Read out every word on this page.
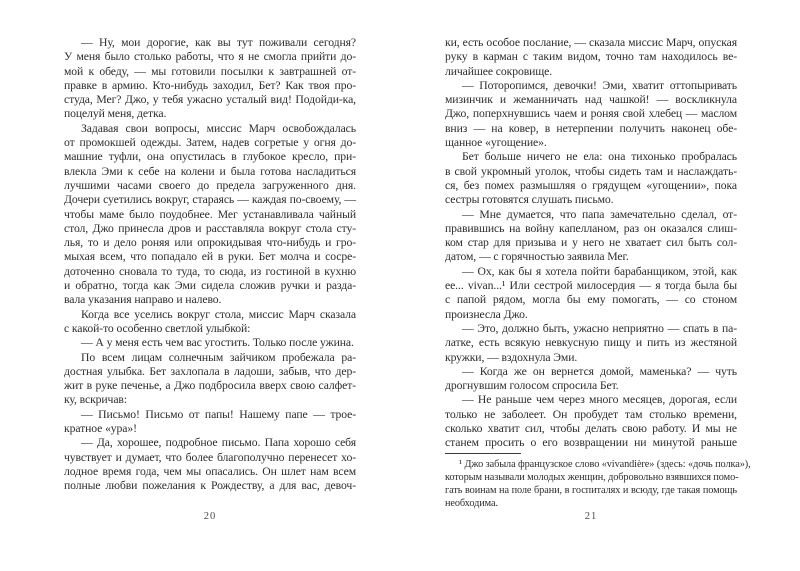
— Ну, мои дорогие, как вы тут поживали сегодня?
У меня было столько работы, что я не смогла прийти до-
мой к обеду, — мы готовили посылки к завтрашней от-
правке в армию. Кто-нибудь заходил, Бет? Как твоя про-
студа, Мег? Джо, у тебя ужасно усталый вид! Подойди-ка,
поцелуй меня, детка.
Задавая свои вопросы, миссис Марч освобождалась
от промокшей одежды. Затем, надев согретые у огня до-
машние туфли, она опустилась в глубокое кресло, при-
влекла Эми к себе на колени и была готова насладиться
лучшими часами своего до предела загруженного дня.
Дочери суетились вокруг, стараясь — каждая по-своему, —
чтобы маме было поудобнее. Мег устанавливала чайный
стол, Джо принесла дров и расставляла вокруг стола сту-
лья, то и дело роняя или опрокидывая что-нибудь и гро-
мыхая всем, что попадало ей в руки. Бет молча и сосре-
доточенно сновала то туда, то сюда, из гостиной в кухню
и обратно, тогда как Эми сидела сложив ручки и разда-
вала указания направо и налево.
Когда все уселись вокруг стола, миссис Марч сказала
с какой-то особенно светлой улыбкой:
— А у меня есть чем вас угостить. Только после ужина.
По всем лицам солнечным зайчиком пробежала ра-
достная улыбка. Бет захлопала в ладоши, забыв, что дер-
жит в руке печенье, а Джо подбросила вверх свою салфет-
ку, вскричав:
— Письмо! Письмо от папы! Нашему папе — трое-
кратное «ура»!
— Да, хорошее, подробное письмо. Папа хорошо себя
чувствует и думает, что более благополучно перенесет хо-
лодное время года, чем мы опасались. Он шлет нам всем
полные любви пожелания к Рождеству, а для вас, девоч-
ки, есть особое послание, — сказала миссис Марч, опуская
руку в карман с таким видом, точно там находилось ве-
личайшее сокровище.
— Поторопимся, девочки! Эми, хватит оттопыривать
мизинчик и жеманничать над чашкой! — воскликнула
Джо, поперхнувшись чаем и роняя свой хлебец — маслом
вниз — на ковер, в нетерпении получить наконец обе-
щанное «угощение».
Бет больше ничего не ела: она тихонько пробралась
в свой укромный уголок, чтобы сидеть там и наслаждать-
ся, без помех размышляя о грядущем «угощении», пока
сестры готовятся слушать письмо.
— Мне думается, что папа замечательно сделал, от-
правившись на войну капелланом, раз он оказался слиш-
ком стар для призыва и у него не хватает сил быть сол-
датом, — с горячностью заявила Мег.
— Ох, как бы я хотела пойти барабанщиком, этой, как
ее... vivan...¹ Или сестрой милосердия — я тогда была бы
с папой рядом, могла бы ему помогать, — со стоном
произнесла Джо.
— Это, должно быть, ужасно неприятно — спать в па-
латке, есть всякую невкусную пищу и пить из жестяной
кружки, — вздохнула Эми.
— Когда же он вернется домой, маменька? — чуть
дрогнувшим голосом спросила Бет.
— Не раньше чем через много месяцев, дорогая, если
только не заболеет. Он пробудет там столько времени,
сколько хватит сил, чтобы делать свою работу. И мы не
станем просить о его возвращении ни минутой раньше
¹ Джо забыла французское слово «vivandière» (здесь: «дочь полка»),
которым называли молодых женщин, добровольно взявшихся помо-
гать воинам на поле брани, в госпиталях и всюду, где такая помощь
необходима.
20	21
